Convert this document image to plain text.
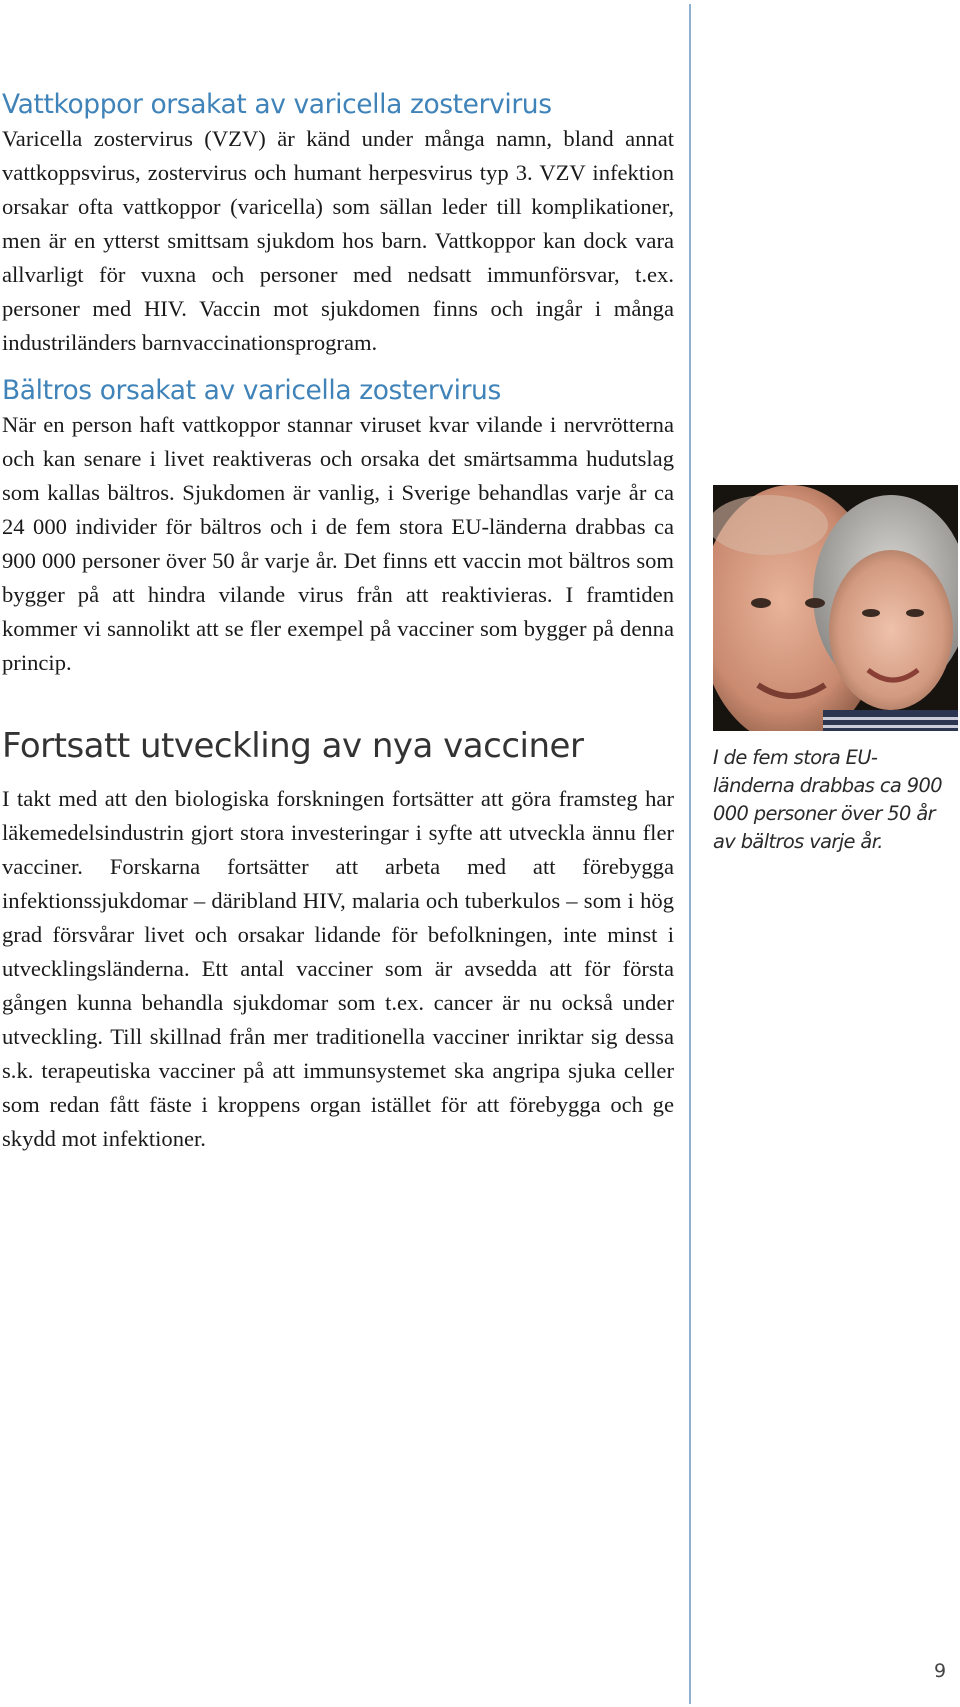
Vattkoppor orsakat av varicella zostervirus

Varicella zostervirus (VZV) är känd under många namn, bland annat vattkoppsvirus, zostervirus och humant herpesvirus typ 3. VZV infektion orsakar ofta vattkoppor (varicella) som sällan leder till komplikationer, men är en ytterst smittsam sjukdom hos barn. Vattkoppor kan dock vara allvarligt för vuxna och personer med nedsatt immunförsvar, t.ex. personer med HIV. Vaccin mot sjukdomen finns och ingår i många industriländers barnvaccinationsprogram.

Bältros orsakat av varicella zostervirus

När en person haft vattkoppor stannar viruset kvar vilande i nervrötterna och kan senare i livet reaktiveras och orsaka det smärtsamma hudutslag som kallas bältros. Sjukdomen är vanlig, i Sverige behandlas varje år ca 24 000 individer för bältros och i de fem stora EU-länderna drabbas ca 900 000 personer över 50 år varje år. Det finns ett vaccin mot bältros som bygger på att hindra vilande virus från att reaktivieras. I framtiden kommer vi sannolikt att se fler exempel på vacciner som bygger på denna princip.

Fortsatt utveckling av nya vacciner

I takt med att den biologiska forskningen fortsätter att göra framsteg har läkemedelsindustrin gjort stora investeringar i syfte att utveckla ännu fler vacciner. Forskarna fortsätter att arbeta med att förebygga infektionssjukdomar – däribland HIV, malaria och tuberkulos – som i hög grad försvårar livet och orsakar lidande för befolkningen, inte minst i utvecklingsländerna. Ett antal vacciner som är avsedda att för första gången kunna behandla sjukdomar som t.ex. cancer är nu också under utveckling. Till skillnad från mer traditionella vacciner inriktar sig dessa s.k. terapeutiska vacciner på att immunsystemet ska angripa sjuka celler som redan fått fäste i kroppens organ istället för att förebygga och ge skydd mot infektioner.

I de fem stora EU-länderna drabbas ca 900 000 personer över 50 år av bältros varje år.
9
